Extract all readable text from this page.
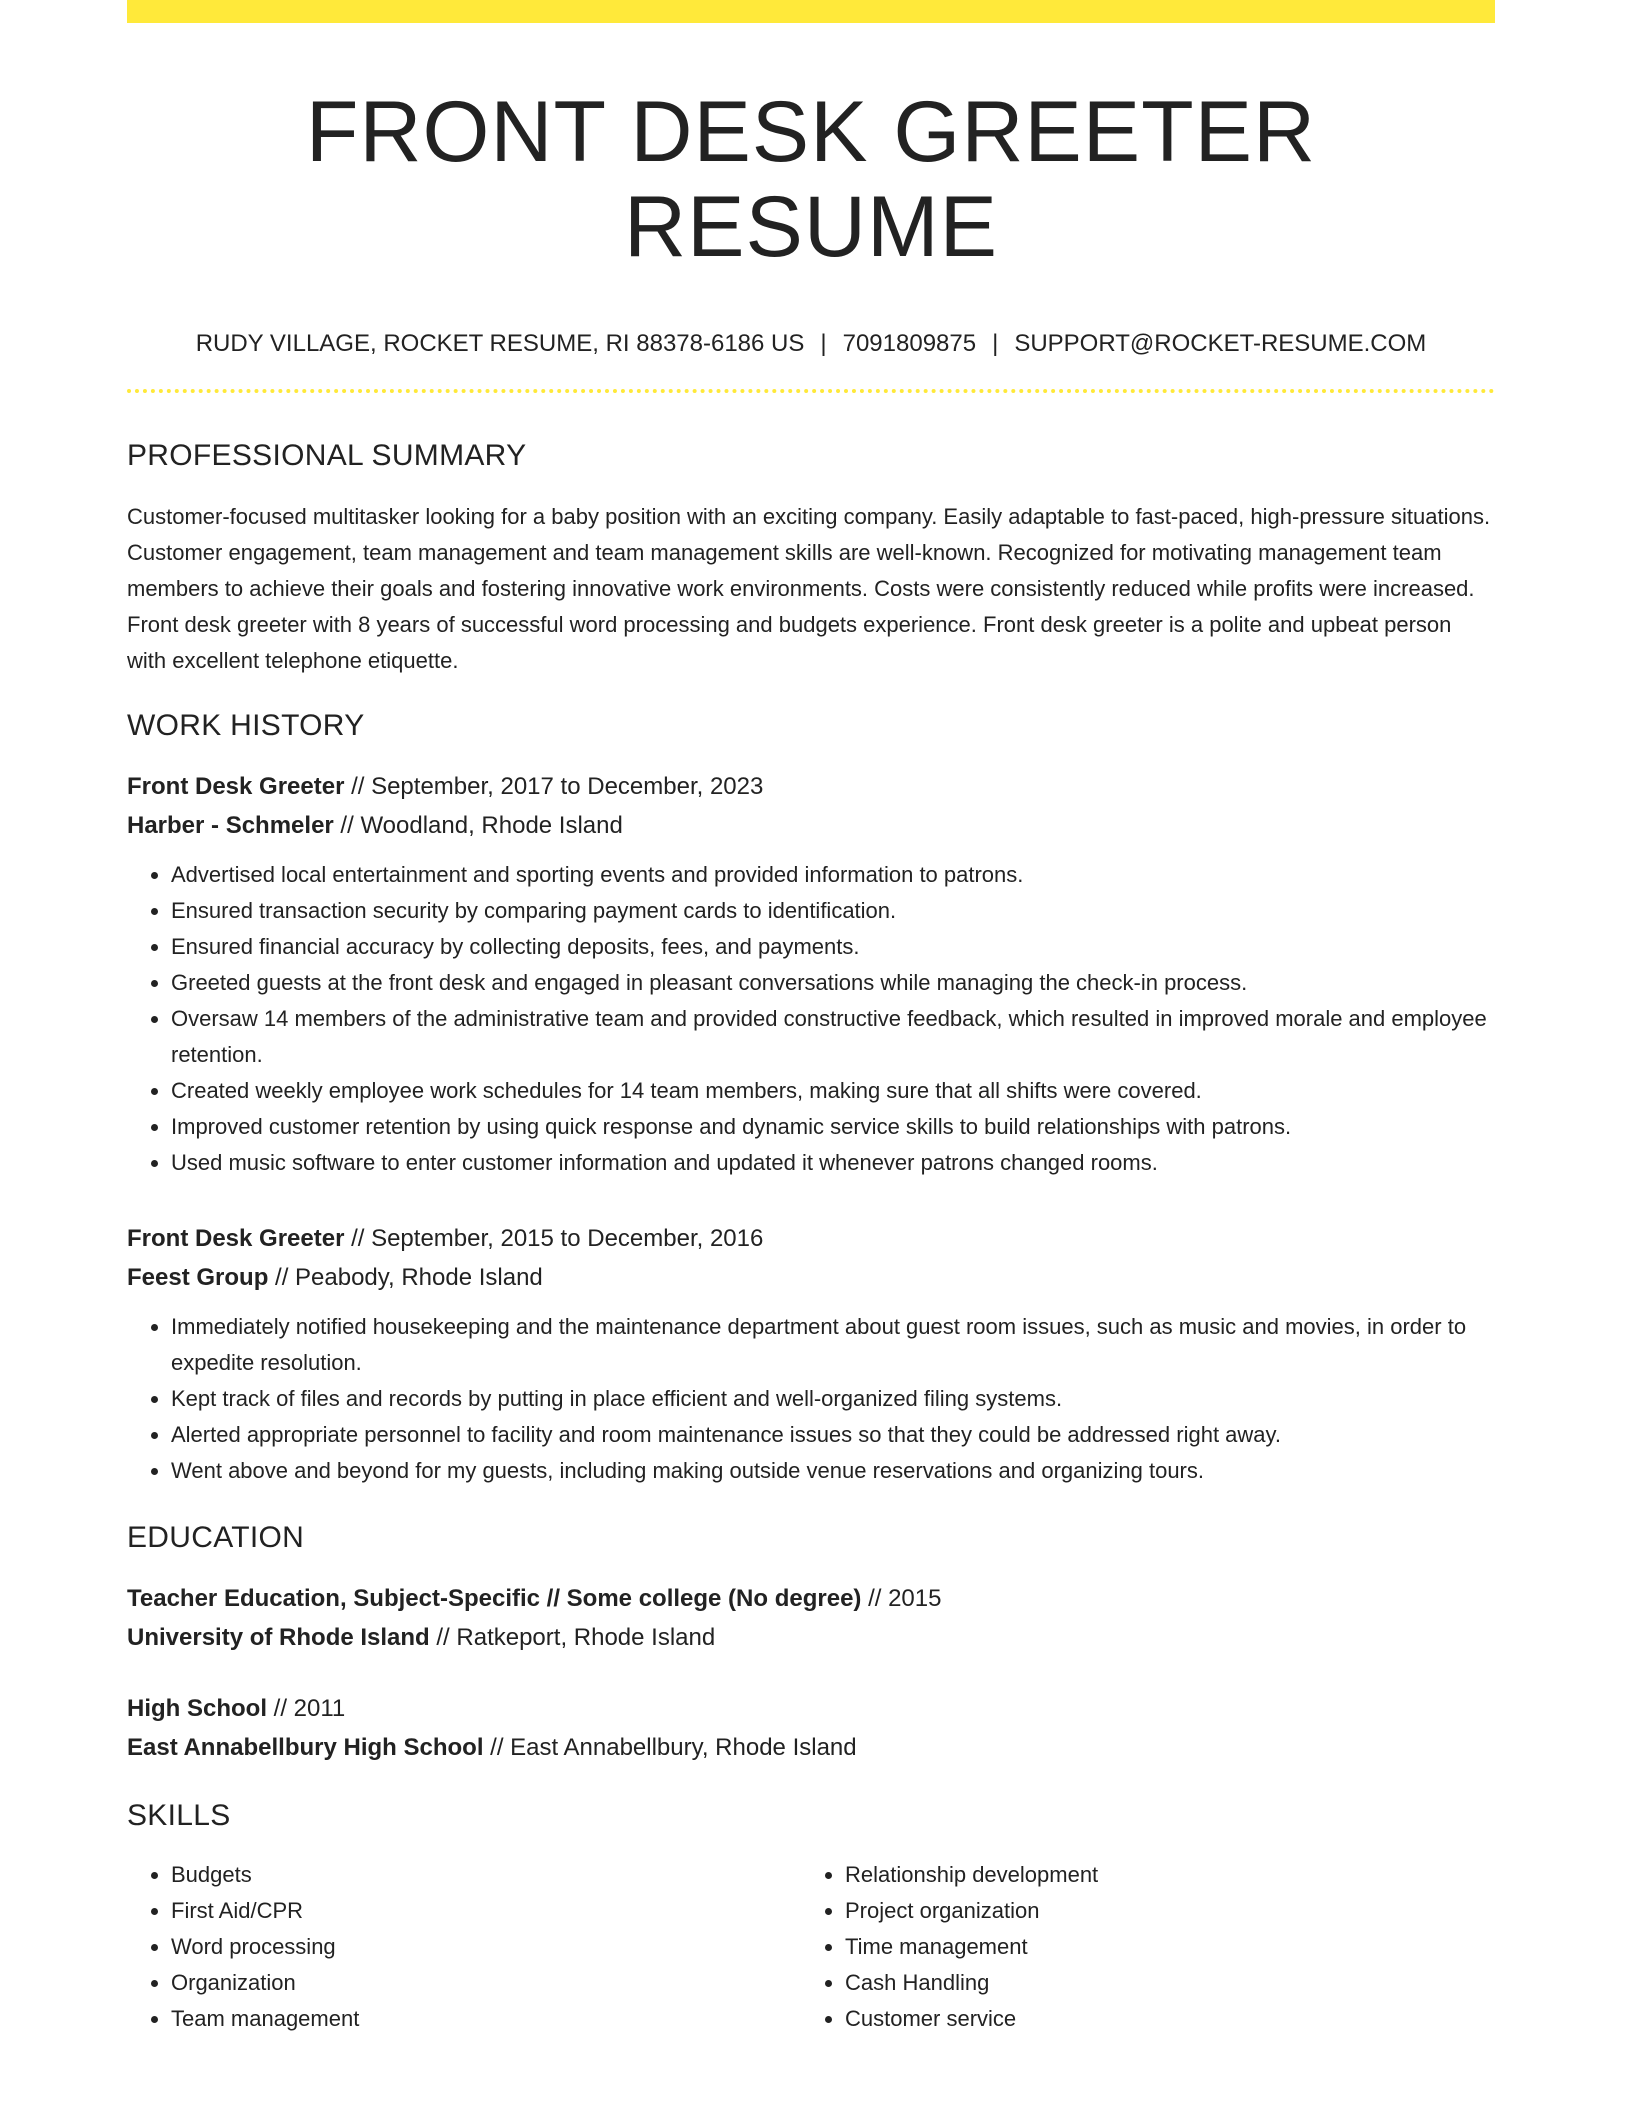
FRONT DESK GREETER RESUME
RUDY VILLAGE, ROCKET RESUME, RI 88378-6186 US | 7091809875 | SUPPORT@ROCKET-RESUME.COM
PROFESSIONAL SUMMARY
Customer-focused multitasker looking for a baby position with an exciting company. Easily adaptable to fast-paced, high-pressure situations. Customer engagement, team management and team management skills are well-known. Recognized for motivating management team members to achieve their goals and fostering innovative work environments. Costs were consistently reduced while profits were increased. Front desk greeter with 8 years of successful word processing and budgets experience. Front desk greeter is a polite and upbeat person with excellent telephone etiquette.
WORK HISTORY
Front Desk Greeter // September, 2017 to December, 2023
Harber - Schmeler // Woodland, Rhode Island
• Advertised local entertainment and sporting events and provided information to patrons.
• Ensured transaction security by comparing payment cards to identification.
• Ensured financial accuracy by collecting deposits, fees, and payments.
• Greeted guests at the front desk and engaged in pleasant conversations while managing the check-in process.
• Oversaw 14 members of the administrative team and provided constructive feedback, which resulted in improved morale and employee retention.
• Created weekly employee work schedules for 14 team members, making sure that all shifts were covered.
• Improved customer retention by using quick response and dynamic service skills to build relationships with patrons.
• Used music software to enter customer information and updated it whenever patrons changed rooms.
Front Desk Greeter // September, 2015 to December, 2016
Feest Group // Peabody, Rhode Island
• Immediately notified housekeeping and the maintenance department about guest room issues, such as music and movies, in order to expedite resolution.
• Kept track of files and records by putting in place efficient and well-organized filing systems.
• Alerted appropriate personnel to facility and room maintenance issues so that they could be addressed right away.
• Went above and beyond for my guests, including making outside venue reservations and organizing tours.
EDUCATION
Teacher Education, Subject-Specific // Some college (No degree) // 2015
University of Rhode Island // Ratkeport, Rhode Island
High School // 2011
East Annabellbury High School // East Annabellbury, Rhode Island
SKILLS
• Budgets
• First Aid/CPR
• Word processing
• Organization
• Team management
• Relationship development
• Project organization
• Time management
• Cash Handling
• Customer service
